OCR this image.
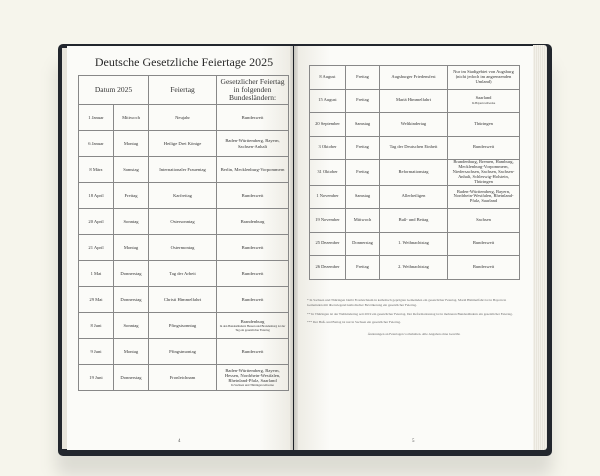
Deutsche Gesetzliche Feiertage 2025
Datum 2025		Feiertag	Gesetzlicher Feiertag in folgenden Bundesländern:
1 Januar	Mittwoch	Neujahr	Bundesweit
6 Januar	Montag	Heilige Drei Könige	Baden-Württemberg, Bayern, Sachsen-Anhalt
8 März	Samstag	Internationaler Frauentag	Berlin, Mecklenburg-Vorpommern
18 April	Freitag	Karfreitag	Bundesweit
20 April	Sonntag	Ostersonntag	Brandenburg
21 April	Montag	Ostermontag	Bundesweit
1 Mai	Donnerstag	Tag der Arbeit	Bundesweit
29 Mai	Donnerstag	Christi Himmelfahrt	Bundesweit
8 Juni	Sonntag	Pfingstsonntag	Brandenburg
In den Bundesländern Hessen und Brandenburg ist der Tag ein gesetzlicher Feiertag

9 Juni	Montag	Pfingstmontag	Bundesweit
19 Juni	Donnerstag	Fronleichnam	Baden-Württemberg, Bayern, Hessen, Nordrhein-Westfalen, Rheinland-Pfalz, Saarland
In Sachsen und Thüringen teilweise
8 August	Freitag	Augsburger Friedensfest	Nur im Stadtgebiet von Augsburg (nicht jedoch im angrenzenden Umland)
15 August	Freitag	Mariä Himmelfahrt	Saarland
In Bayern teilweise

20 September	Samstag	Weltkindertag	Thüringen
3 Oktober	Freitag	Tag der Deutschen Einheit	Bundesweit
31 Oktober	Freitag	Reformationstag	Brandenburg, Bremen, Hamburg, Mecklenburg-Vorpommern, Niedersachsen, Sachsen, Sachsen-Anhalt, Schleswig-Holstein, Thüringen
1 November	Samstag	Allerheiligen	Baden-Württemberg, Bayern, Nordrhein-Westfalen, Rheinland-Pfalz, Saarland
19 November	Mittwoch	Buß- und Bettag	Sachsen
25 Dezember	Donnerstag	1. Weihnachtstag	Bundesweit
26 Dezember	Freitag	2. Weihnachtstag	Bundesweit

* In Sachsen und Thüringen bleibt Fronleichnam in katholisch geprägten Gemeinden ein gesetzlicher Feiertag. Mariä Himmelfahrt ist in Bayern in Gemeinden mit überwiegend katholischer Bevölkerung ein gesetzlicher Feiertag.

** In Thüringen ist der Weltkindertag seit 2019 ein gesetzlicher Feiertag. Der Reformationstag ist in mehreren Bundesländern ein gesetzlicher Feiertag.

*** Der Buß- und Bettag ist nur in Sachsen ein gesetzlicher Feiertag.

Änderungen an Feiertagen vorbehalten. Alle Angaben ohne Gewähr.

4	5
